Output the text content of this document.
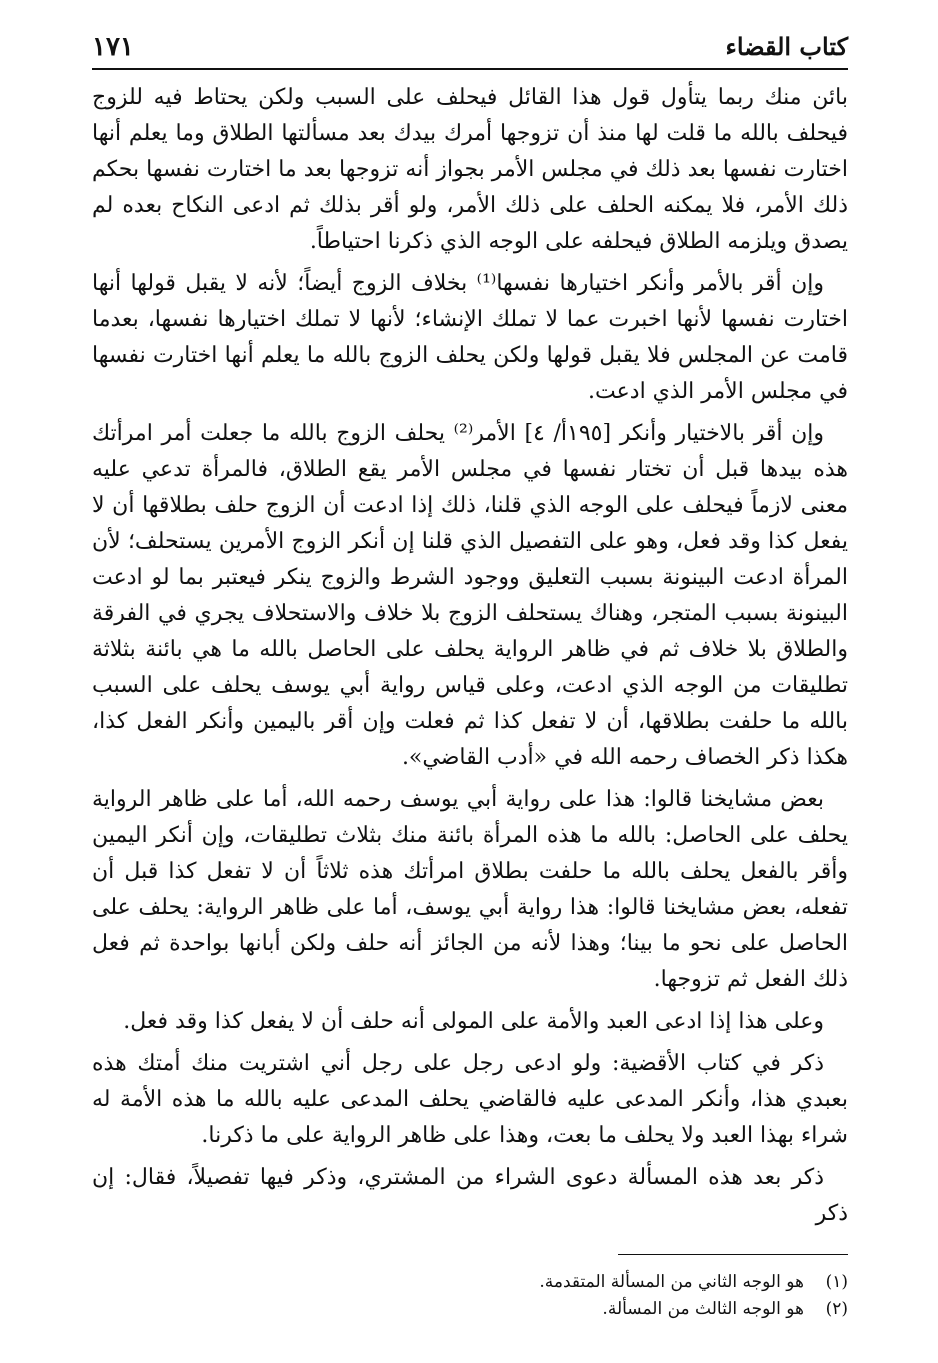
كتاب القضاء
١٧١

بائن منك ربما يتأول قول هذا القائل فيحلف على السبب ولكن يحتاط فيه للزوج فيحلف بالله ما قلت لها منذ أن تزوجها أمرك بيدك بعد مسألتها الطلاق وما يعلم أنها اختارت نفسها بعد ذلك في مجلس الأمر بجواز أنه تزوجها بعد ما اختارت نفسها بحكم ذلك الأمر، فلا يمكنه الحلف على ذلك الأمر، ولو أقر بذلك ثم ادعى النكاح بعده لم يصدق ويلزمه الطلاق فيحلفه على الوجه الذي ذكرنا احتياطاً.

وإن أقر بالأمر وأنكر اختيارها نفسها⁽¹⁾ بخلاف الزوج أيضاً؛ لأنه لا يقبل قولها أنها اختارت نفسها لأنها اخبرت عما لا تملك الإنشاء؛ لأنها لا تملك اختيارها نفسها، بعدما قامت عن المجلس فلا يقبل قولها ولكن يحلف الزوج بالله ما يعلم أنها اختارت نفسها في مجلس الأمر الذي ادعت.

وإن أقر بالاختيار وأنكر [١٩٥أ/ ٤] الأمر⁽²⁾ يحلف الزوج بالله ما جعلت أمر امرأتك هذه بيدها قبل أن تختار نفسها في مجلس الأمر يقع الطلاق، فالمرأة تدعي عليه معنى لازماً فيحلف على الوجه الذي قلنا، ذلك إذا ادعت أن الزوج حلف بطلاقها أن لا يفعل كذا وقد فعل، وهو على التفصيل الذي قلنا إن أنكر الزوج الأمرين يستحلف؛ لأن المرأة ادعت البينونة بسبب التعليق ووجود الشرط والزوج ينكر فيعتبر بما لو ادعت البينونة بسبب المتجر، وهناك يستحلف الزوج بلا خلاف والاستحلاف يجري في الفرقة والطلاق بلا خلاف ثم في ظاهر الرواية يحلف على الحاصل بالله ما هي بائنة بثلاثة تطليقات من الوجه الذي ادعت، وعلى قياس رواية أبي يوسف يحلف على السبب بالله ما حلفت بطلاقها، أن لا تفعل كذا ثم فعلت وإن أقر باليمين وأنكر الفعل كذا، هكذا ذكر الخصاف رحمه الله في «أدب القاضي».

بعض مشايخنا قالوا: هذا على رواية أبي يوسف رحمه الله، أما على ظاهر الرواية يحلف على الحاصل: بالله ما هذه المرأة بائنة منك بثلاث تطليقات، وإن أنكر اليمين وأقر بالفعل يحلف بالله ما حلفت بطلاق امرأتك هذه ثلاثاً أن لا تفعل كذا قبل أن تفعله، بعض مشايخنا قالوا: هذا رواية أبي يوسف، أما على ظاهر الرواية: يحلف على الحاصل على نحو ما بينا؛ وهذا لأنه من الجائز أنه حلف ولكن أبانها بواحدة ثم فعل ذلك الفعل ثم تزوجها.

وعلى هذا إذا ادعى العبد والأمة على المولى أنه حلف أن لا يفعل كذا وقد فعل.

ذكر في كتاب الأقضية: ولو ادعى رجل على رجل أني اشتريت منك أمتك هذه بعبدي هذا، وأنكر المدعى عليه فالقاضي يحلف المدعى عليه بالله ما هذه الأمة له شراء بهذا العبد ولا يحلف ما بعت، وهذا على ظاهر الرواية على ما ذكرنا.

ذكر بعد هذه المسألة دعوى الشراء من المشتري، وذكر فيها تفصيلاً، فقال: إن ذكر

(١)
هو الوجه الثاني من المسألة المتقدمة.
(٢)
هو الوجه الثالث من المسألة.
